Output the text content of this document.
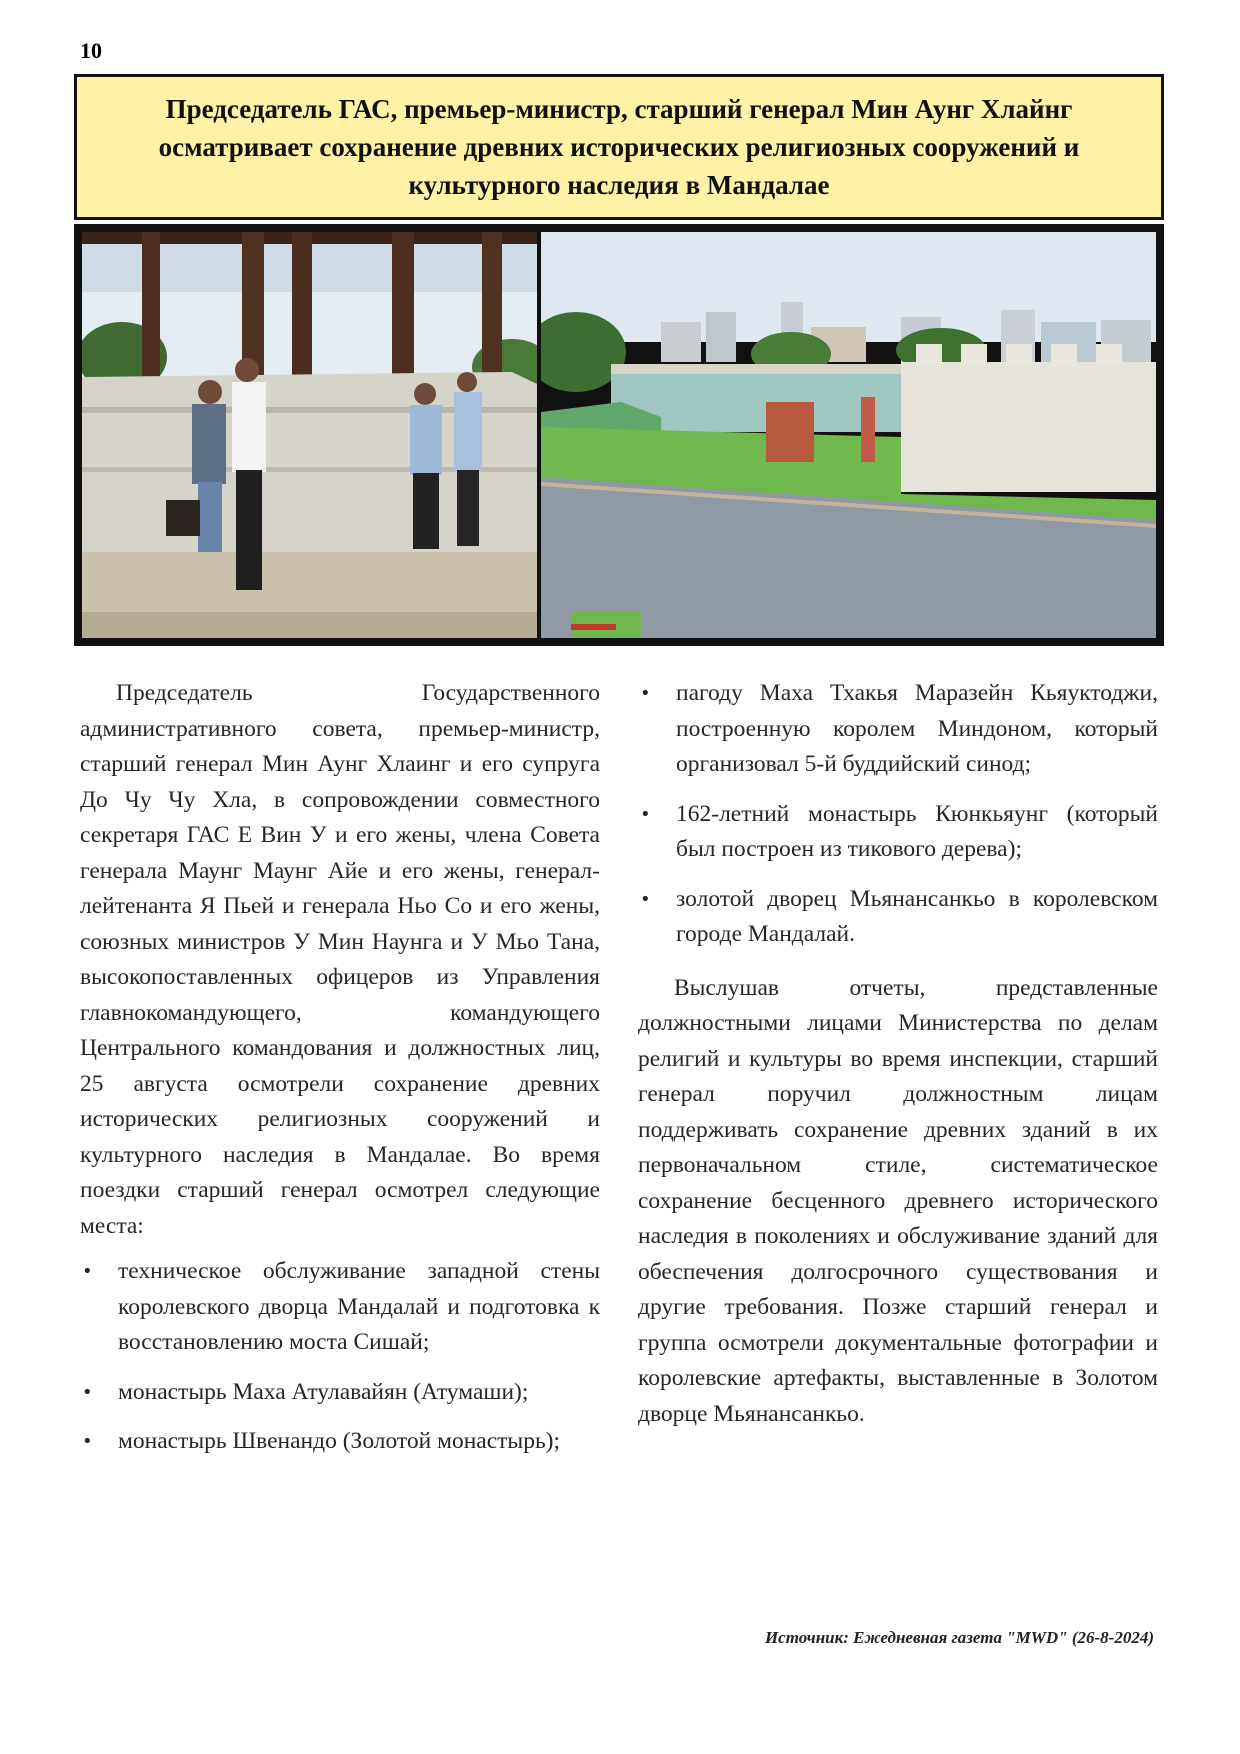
10
Председатель ГАС, премьер-министр, старший генерал Мин Аунг Хлайнг осматривает сохранение древних исторических религиозных сооружений и культурного наследия в Мандалае

Председатель Государственного административного совета, премьер-министр, старший генерал Мин Аунг Хлаинг и его супруга До Чу Чу Хла, в сопровождении совместного секретаря ГАС Е Вин У и его жены, члена Совета генерала Маунг Маунг Айе и его жены, генерал-лейтенанта Я Пьей и генерала Ньо Со и его жены, союзных министров У Мин Наунга и У Мьо Тана, высокопоставленных офицеров из Управления главнокомандующего, командующего Центрального командования и должностных лиц, 25 августа осмотрели сохранение древних исторических религиозных сооружений и культурного наследия в Мандалае. Во время поездки старший генерал осмотрел следующие места:

• техническое обслуживание западной стены королевского дворца Мандалай и подготовка к восстановлению моста Сишай;
• монастырь Маха Атулавайян (Атумаши);
• монастырь Швенандо (Золотой монастырь);
• пагоду Маха Тхакья Маразейн Кьяуктоджи, построенную королем Миндоном, который организовал 5-й буддийский синод;
• 162-летний монастырь Кюнкьяунг (который был построен из тикового дерева);
• золотой дворец Мьянансанкьо в королевском городе Мандалай.

Выслушав отчеты, представленные должностными лицами Министерства по делам религий и культуры во время инспекции, старший генерал поручил должностным лицам поддерживать сохранение древних зданий в их первоначальном стиле, систематическое сохранение бесценного древнего исторического наследия в поколениях и обслуживание зданий для обеспечения долгосрочного существования и другие требования. Позже старший генерал и группа осмотрели документальные фотографии и королевские артефакты, выставленные в Золотом дворце Мьянансанкьо.

Источник: Ежедневная газета "MWD" (26-8-2024)
